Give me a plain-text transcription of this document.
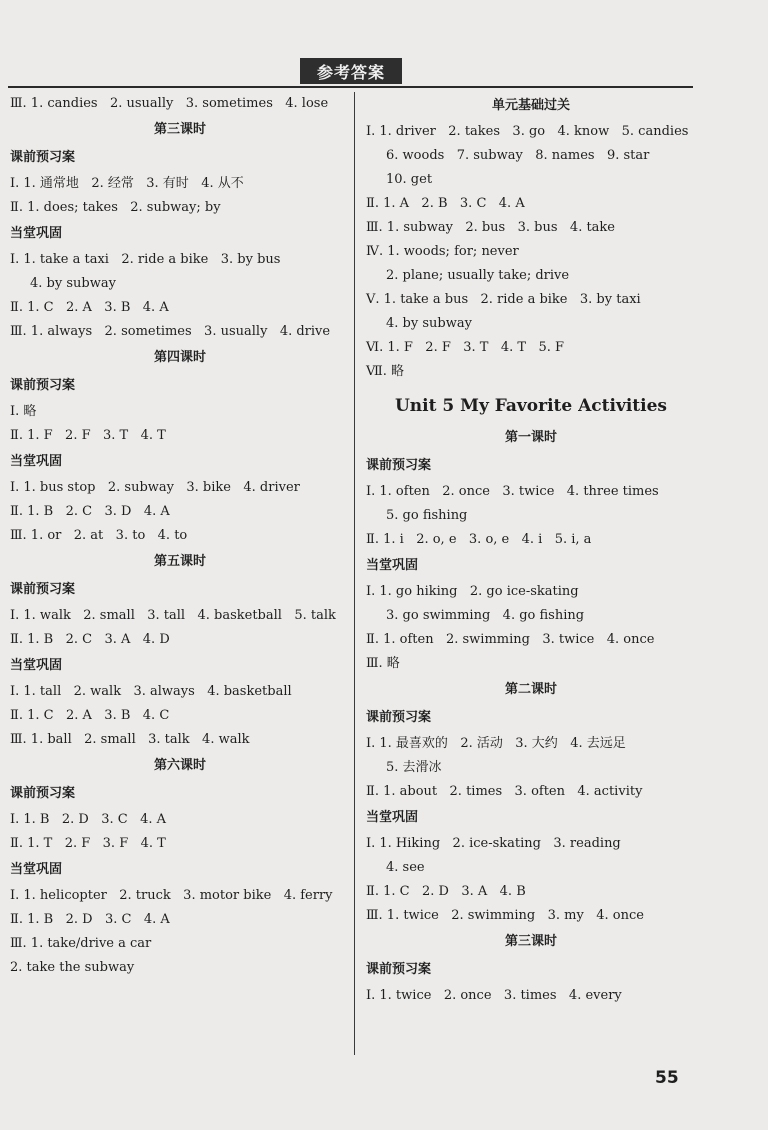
参考答案
Ⅲ. 1. candies   2. usually   3. sometimes   4. lose
第三课时
课前预习案
Ⅰ. 1. 通常地   2. 经常   3. 有时   4. 从不
Ⅱ. 1. does; takes   2. subway; by
当堂巩固
Ⅰ. 1. take a taxi   2. ride a bike   3. by bus
4. by subway
Ⅱ. 1. C   2. A   3. B   4. A
Ⅲ. 1. always   2. sometimes   3. usually   4. drive
第四课时
课前预习案
Ⅰ. 略
Ⅱ. 1. F   2. F   3. T   4. T
当堂巩固
Ⅰ. 1. bus stop   2. subway   3. bike   4. driver
Ⅱ. 1. B   2. C   3. D   4. A
Ⅲ. 1. or   2. at   3. to   4. to
第五课时
课前预习案
Ⅰ. 1. walk   2. small   3. tall   4. basketball   5. talk
Ⅱ. 1. B   2. C   3. A   4. D
当堂巩固
Ⅰ. 1. tall   2. walk   3. always   4. basketball
Ⅱ. 1. C   2. A   3. B   4. C
Ⅲ. 1. ball   2. small   3. talk   4. walk
第六课时
课前预习案
Ⅰ. 1. B   2. D   3. C   4. A
Ⅱ. 1. T   2. F   3. F   4. T
当堂巩固
Ⅰ. 1. helicopter   2. truck   3. motor bike   4. ferry
Ⅱ. 1. B   2. D   3. C   4. A
Ⅲ. 1. take/drive a car
2. take the subway
单元基础过关
Ⅰ. 1. driver   2. takes   3. go   4. know   5. candies
6. woods   7. subway   8. names   9. star
10. get
Ⅱ. 1. A   2. B   3. C   4. A
Ⅲ. 1. subway   2. bus   3. bus   4. take
Ⅳ. 1. woods; for; never
2. plane; usually take; drive
Ⅴ. 1. take a bus   2. ride a bike   3. by taxi
4. by subway
Ⅵ. 1. F   2. F   3. T   4. T   5. F
Ⅶ. 略
Unit 5 My Favorite Activities
第一课时
课前预习案
Ⅰ. 1. often   2. once   3. twice   4. three times
5. go fishing
Ⅱ. 1. i   2. o, e   3. o, e   4. i   5. i, a
当堂巩固
Ⅰ. 1. go hiking   2. go ice-skating
3. go swimming   4. go fishing
Ⅱ. 1. often   2. swimming   3. twice   4. once
Ⅲ. 略
第二课时
课前预习案
Ⅰ. 1. 最喜欢的   2. 活动   3. 大约   4. 去远足
5. 去滑冰
Ⅱ. 1. about   2. times   3. often   4. activity
当堂巩固
Ⅰ. 1. Hiking   2. ice-skating   3. reading
4. see
Ⅱ. 1. C   2. D   3. A   4. B
Ⅲ. 1. twice   2. swimming   3. my   4. once
第三课时
课前预习案
Ⅰ. 1. twice   2. once   3. times   4. every
55
